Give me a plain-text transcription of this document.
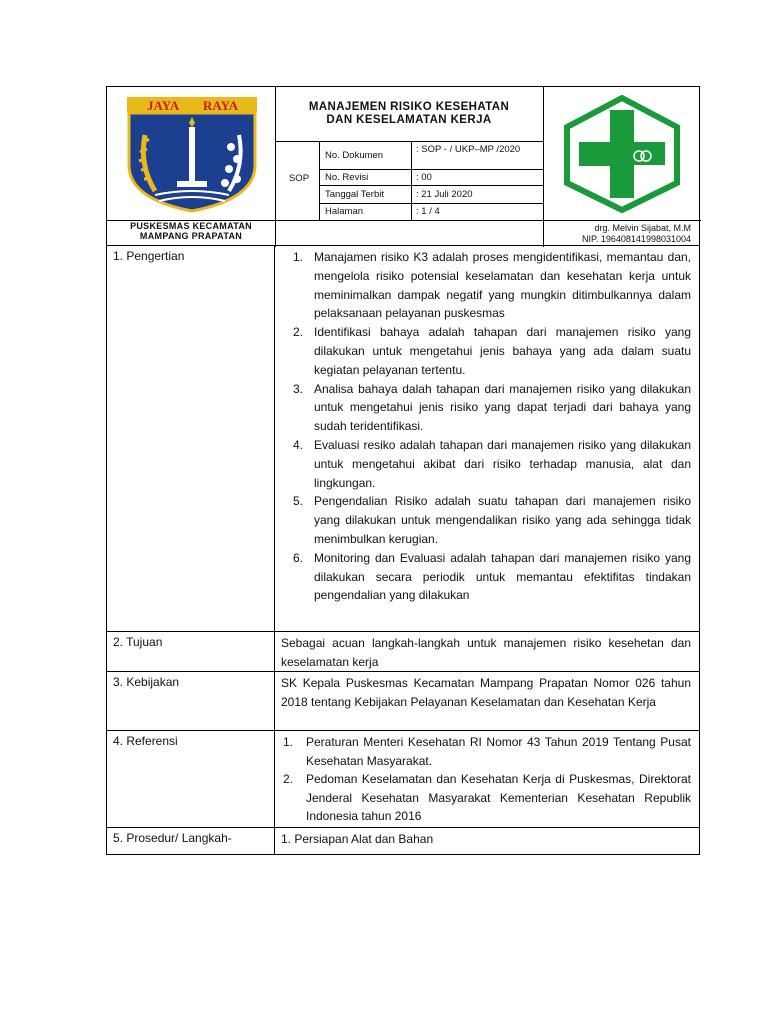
JAYA RAYA	MANAJEMEN RISIKO KESEHATAN
DAN KESELAMATAN KERJA
SOP
No. Dokumen
: SOP - / UKP–MP /2020
No. Revisi	: 00
Tanggal Terbit	: 21 Juli 2020
Halaman	: 1 / 4
PUSKESMAS KECAMATAN
MAMPANG PRAPATAN
drg. Melvin Sijabat, M.M
NIP. 196408141998031004
1. Pengertian	1. Manajamen risiko K3 adalah proses mengidentifikasi, memantau dan, mengelola risiko potensial keselamatan dan kesehatan kerja untuk meminimalkan dampak negatif yang mungkin ditimbulkannya dalam pelaksanaan pelayanan puskesmas
2. Identifikasi bahaya adalah tahapan dari manajemen risiko yang dilakukan untuk mengetahui jenis bahaya yang ada dalam suatu kegiatan pelayanan tertentu.
3. Analisa bahaya dalah tahapan dari manajemen risiko yang dilakukan untuk mengetahui jenis risiko yang dapat terjadi dari bahaya yang sudah teridentifikasi.
4. Evaluasi resiko adalah tahapan dari manajemen risiko yang dilakukan untuk mengetahui akibat dari risiko terhadap manusia, alat dan lingkungan.
5. Pengendalian Risiko adalah suatu tahapan dari manajemen risiko yang dilakukan untuk mengendalikan risiko yang ada sehingga tidak menimbulkan kerugian.
6. Monitoring dan Evaluasi adalah tahapan dari manajemen risiko yang dilakukan secara periodik untuk memantau efektifitas tindakan pengendalian yang dilakukan
2. Tujuan	Sebagai acuan langkah-langkah untuk manajemen risiko kesehetan dan keselamatan kerja
3. Kebijakan	SK Kepala Puskesmas Kecamatan Mampang Prapatan Nomor 026 tahun 2018 tentang Kebijakan Pelayanan Keselamatan dan Kesehatan Kerja
4. Referensi	1. Peraturan Menteri Kesehatan RI Nomor 43 Tahun 2019 Tentang Pusat Kesehatan Masyarakat.
2. Pedoman Keselamatan dan Kesehatan Kerja di Puskesmas, Direktorat Jenderal Kesehatan Masyarakat Kementerian Kesehatan Republik Indonesia tahun 2016
5. Prosedur/ Langkah-	1. Persiapan Alat dan Bahan
